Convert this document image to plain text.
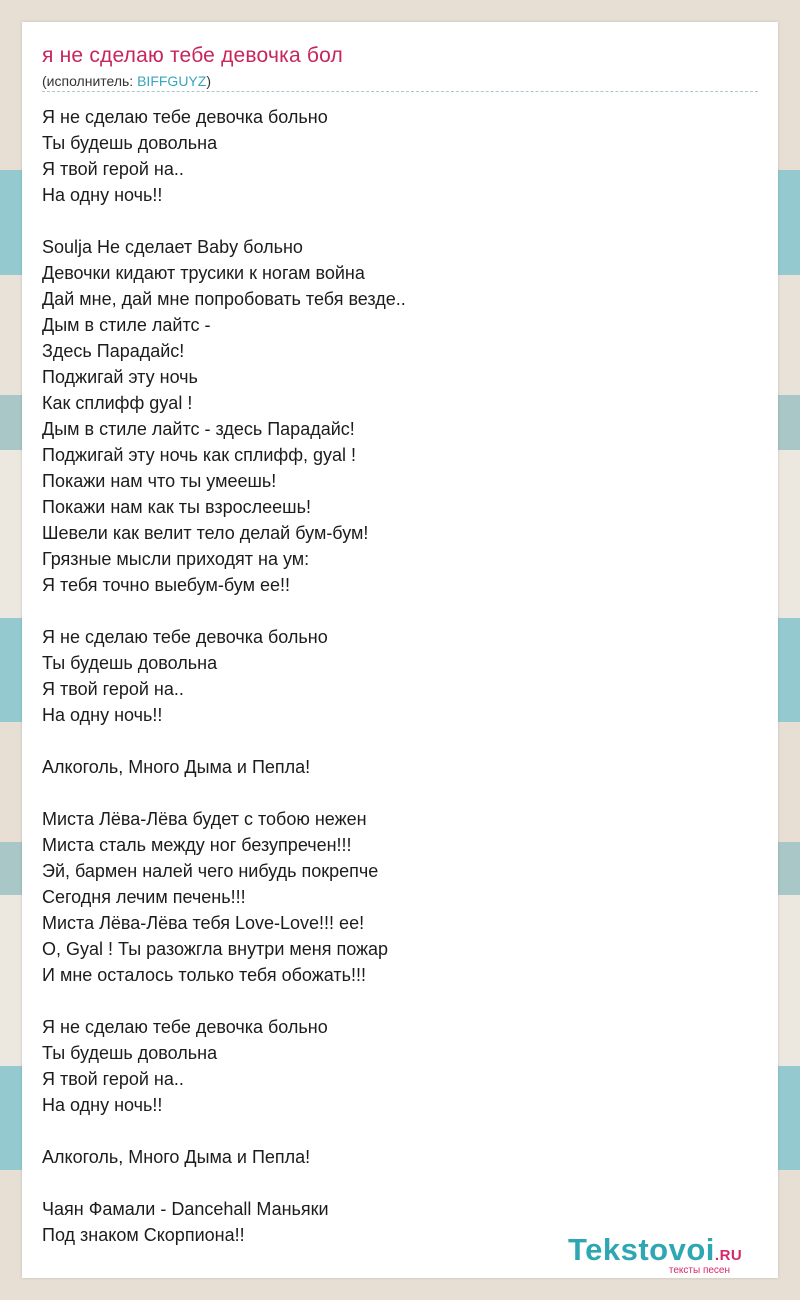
я не сделаю тебе девочка бол
(исполнитель: BIFFGUYZ)
Я не сделаю тебе девочка больно
Ты будешь довольна
Я твой герой на..
На одну ночь!!
Soulja Не сделает Baby больно
Девочки кидают трусики к ногам война
Дай мне, дай мне попробовать тебя везде..
Дым в стиле лайтс -
Здесь Парадайс!
Поджигай эту ночь
Как сплифф gyal !
Дым в стиле лайтс - здесь Парадайс!
Поджигай эту ночь как сплифф, gyal !
Покажи нам что ты умеешь!
Покажи нам как ты взрослеешь!
Шевели как велит тело делай бум-бум!
Грязные мысли приходят на ум:
Я тебя точно выебум-бум ее!!
Я не сделаю тебе девочка больно
Ты будешь довольна
Я твой герой на..
На одну ночь!!
Алкоголь, Много Дыма и Пепла!
Миста Лёва-Лёва будет с тобою нежен
Миста сталь между ног безупречен!!!
Эй, бармен налей чего нибудь покрепче
Сегодня лечим печень!!!
Миста Лёва-Лёва тебя Love-Love!!! ее!
О, Gyal ! Ты разожгла внутри меня пожар
И мне осталось только тебя обожать!!!
Я не сделаю тебе девочка больно
Ты будешь довольна
Я твой герой на..
На одну ночь!!
Алкоголь, Много Дыма и Пепла!
Чаян Фамали - Dancehall Маньяки
Под знаком Скорпиона!!	Tekstovoi.RU
тексты песен
